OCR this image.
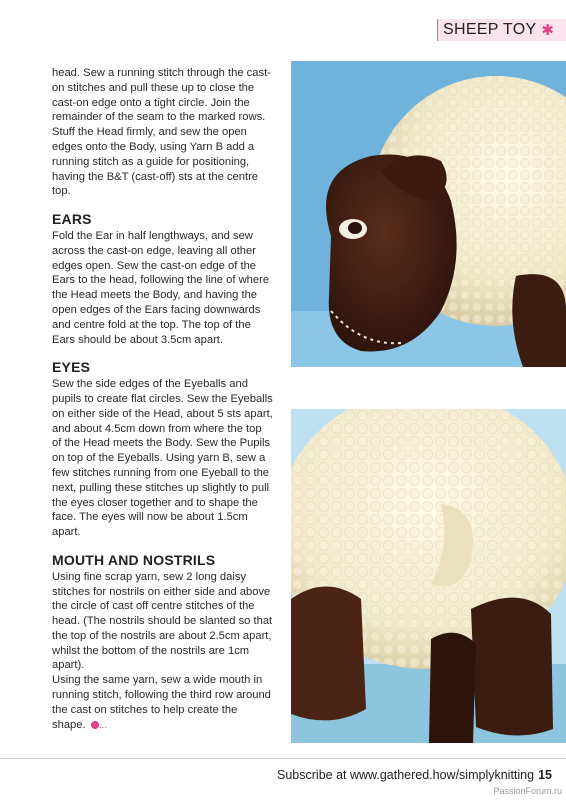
SHEEP TOY ✱

head. Sew a running stitch through the cast-on stitches and pull these up to close the cast-on edge onto a tight circle. Join the remainder of the seam to the marked rows. Stuff the Head firmly, and sew the open edges onto the Body, using Yarn B add a running stitch as a guide for positioning, having the B&T (cast-off) sts at the centre top.

EARS

Fold the Ear in half lengthways, and sew across the cast-on edge, leaving all other edges open. Sew the cast-on edge of the Ears to the head, following the line of where the Head meets the Body, and having the open edges of the Ears facing downwards and centre fold at the top. The top of the Ears should be about 3.5cm apart.

EYES

Sew the side edges of the Eyeballs and pupils to create flat circles. Sew the Eyeballs on either side of the Head, about 5 sts apart, and about 4.5cm down from where the top of the Head meets the Body. Sew the Pupils on top of the Eyeballs. Using yarn B, sew a few stitches running from one Eyeball to the next, pulling these stitches up slightly to pull the eyes closer together and to shape the face. The eyes will now be about 1.5cm apart.

MOUTH AND NOSTRILS

Using fine scrap yarn, sew 2 long daisy stitches for nostrils on either side and above the circle of cast off centre stitches of the head. (The nostrils should be slanted so that the top of the nostrils are about 2.5cm apart, whilst the bottom of the nostrils are 1cm apart).

Using the same yarn, sew a wide mouth in running stitch, following the third row around the cast on stitches to help create the shape. ...

Subscribe at www.gathered.how/simplyknitting 15
PassionForum.ru
